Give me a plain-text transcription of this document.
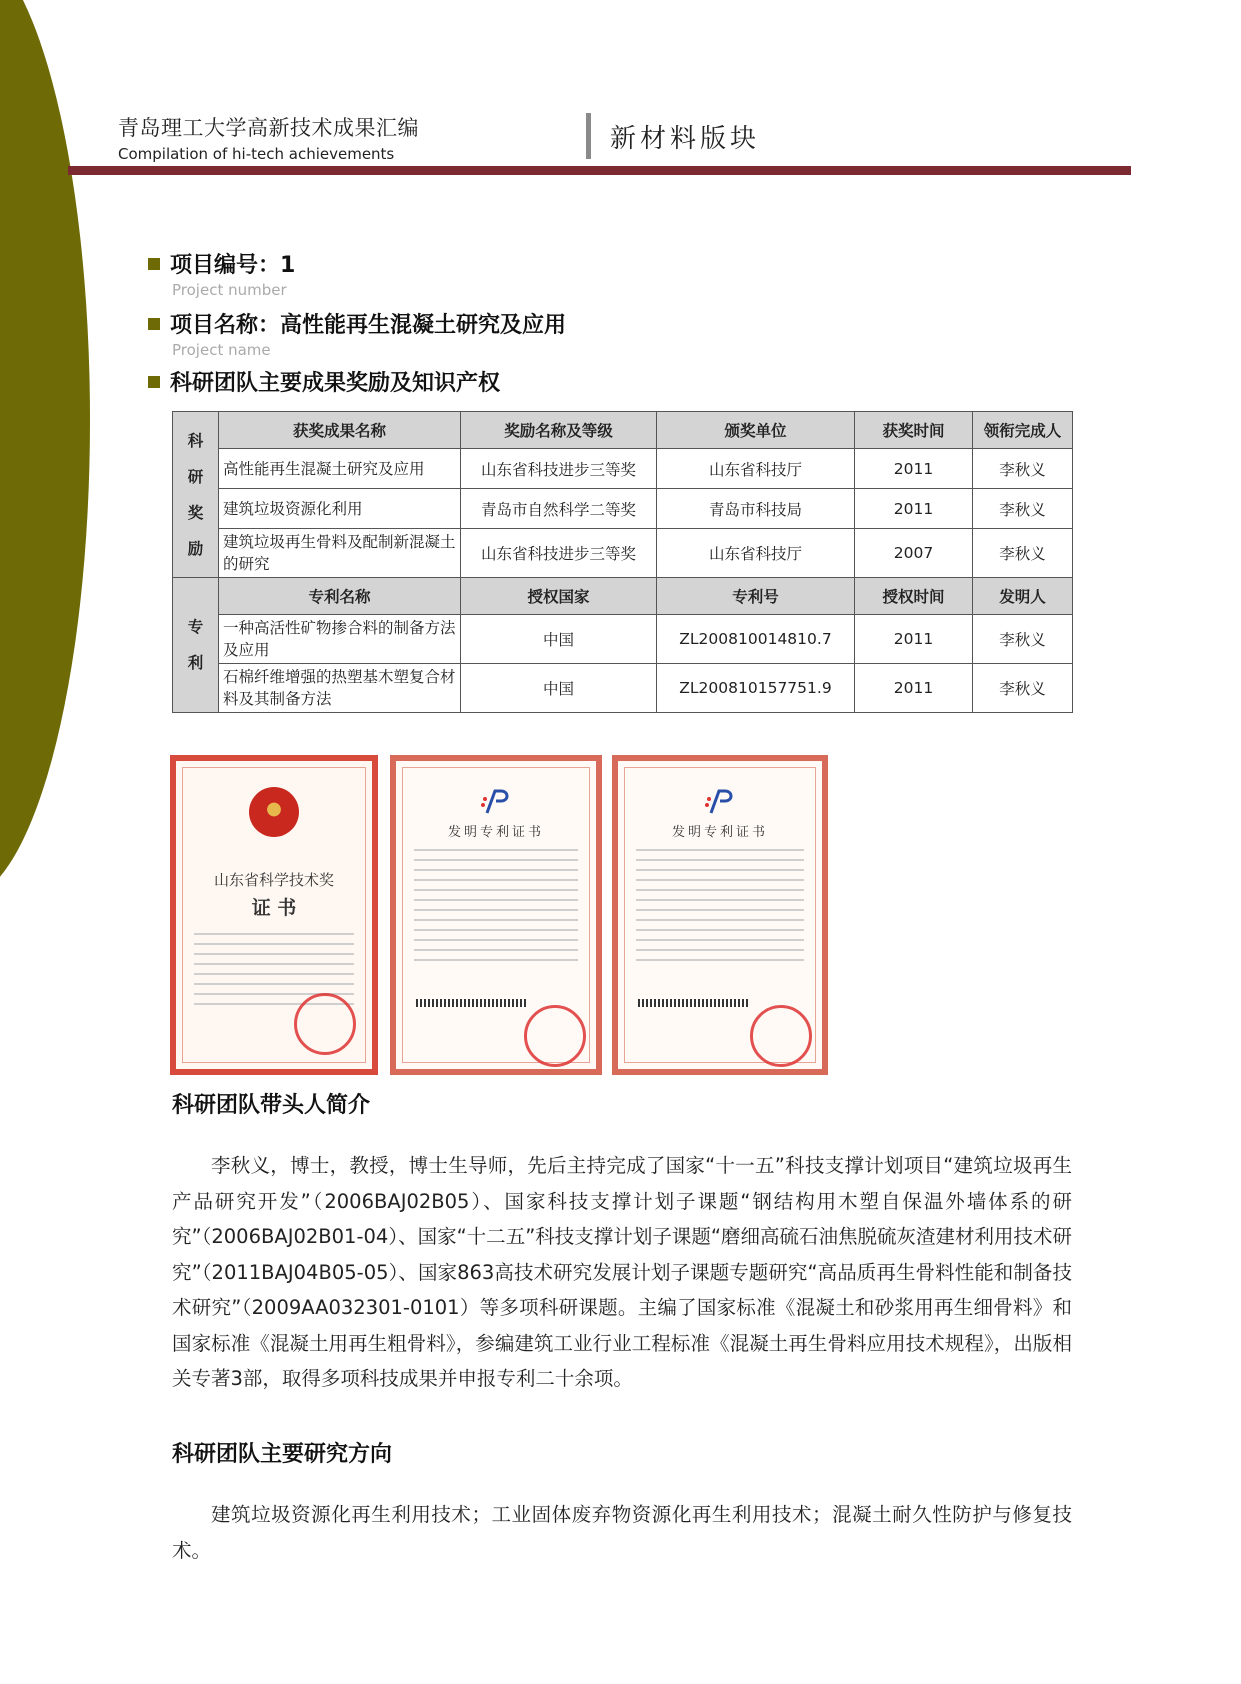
青岛理工大学高新技术成果汇编
Compilation of hi-tech achievements	新材料版块
项目编号：1
Project number
项目名称：高性能再生混凝土研究及应用
Project name
科研团队主要成果奖励及知识产权
科
研
奖
励	获奖成果名称	奖励名称及等级	颁奖单位	获奖时间	领衔完成人
	高性能再生混凝土研究及应用	山东省科技进步三等奖	山东省科技厅	2011	李秋义
	建筑垃圾资源化利用	青岛市自然科学二等奖	青岛市科技局	2011	李秋义
	建筑垃圾再生骨料及配制新混凝土的研究	山东省科技进步三等奖	山东省科技厅	2007	李秋义

专
利	专利名称	授权国家	专利号	授权时间	发明人
	一种高活性矿物掺合料的制备方法及应用	中国	ZL200810014810.7	2011	李秋义
	石棉纤维增强的热塑基木塑复合材料及其制备方法	中国	ZL200810157751.9	2011	李秋义
山东省科学技术奖
证 书
发明专利证书	发明专利证书
科研团队带头人简介
李秋义，博士，教授，博士生导师，先后主持完成了国家“十一五”科技支撑计划项目“建筑垃圾再生产品研究开发”（2006BAJ02B05）、国家科技支撑计划子课题“钢结构用木塑自保温外墙体系的研究”（2006BAJ02B01-04）、国家“十二五”科技支撑计划子课题“磨细高硫石油焦脱硫灰渣建材利用技术研究”（2011BAJ04B05-05）、国家863高技术研究发展计划子课题专题研究“高品质再生骨料性能和制备技术研究”（2009AA032301-0101）等多项科研课题。主编了国家标准《混凝土和砂浆用再生细骨料》和国家标准《混凝土用再生粗骨料》，参编建筑工业行业工程标准《混凝土再生骨料应用技术规程》，出版相关专著3部，取得多项科技成果并申报专利二十余项。
科研团队主要研究方向
建筑垃圾资源化再生利用技术；工业固体废弃物资源化再生利用技术；混凝土耐久性防护与修复技术。
